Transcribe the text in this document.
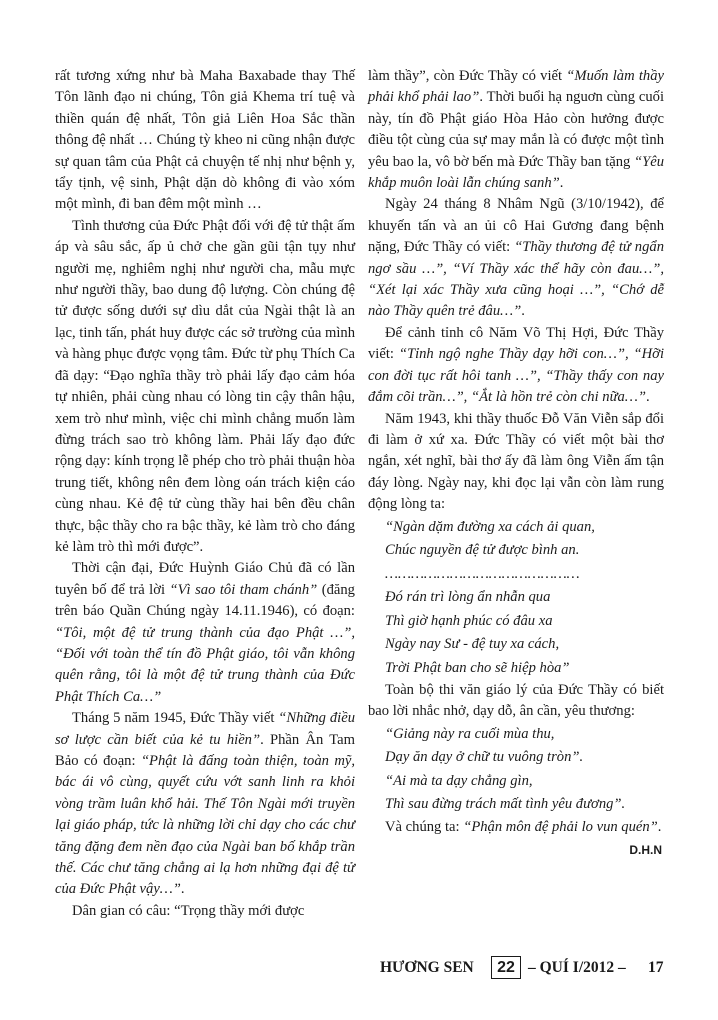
rất tương xứng như bà Maha Baxabade thay Thế Tôn lãnh đạo ni chúng, Tôn giả Khema trí tuệ và thiền quán đệ nhất, Tôn giả Liên Hoa Sắc thần thông đệ nhất … Chúng tỳ kheo ni cũng nhận được sự quan tâm của Phật cả chuyện tế nhị như bệnh y, tẩy tịnh, vệ sinh, Phật dặn dò không đi vào xóm một mình, đi ban đêm một mình …

Tình thương của Đức Phật đối với đệ tử thật ấm áp và sâu sắc, ấp ủ chở che gần gũi tận tụy như người mẹ, nghiêm nghị như người cha, mẫu mực như người thầy, bao dung độ lượng. Còn chúng đệ tử được sống dưới sự dìu dắt của Ngài thật là an lạc, tinh tấn, phát huy được các sở trường của mình và hàng phục được vọng tâm. Đức từ phụ Thích Ca đã dạy: “Đạo nghĩa thầy trò phải lấy đạo cảm hóa tự nhiên, phải cùng nhau có lòng tin cậy thân hậu, xem trò như mình, việc chi mình chẳng muốn làm đừng trách sao trò không làm. Phải lấy đạo đức rộng dạy: kính trọng lễ phép cho trò phải thuận hòa trung tiết, không nên đem lòng oán trách kiện cáo cùng nhau. Kẻ đệ tử cùng thầy hai bên đều chân thực, bậc thầy cho ra bậc thầy, kẻ làm trò cho đáng kẻ làm trò thì mới được”.

Thời cận đại, Đức Huỳnh Giáo Chủ đã có lần tuyên bố để trả lời “Vì sao tôi tham chánh” (đăng trên báo Quần Chúng ngày 14.11.1946), có đoạn: “Tôi, một đệ tử trung thành của đạo Phật …”, “Đối với toàn thể tín đồ Phật giáo, tôi vẫn không quên rằng, tôi là một đệ tử trung thành của Đức Phật Thích Ca…”

Tháng 5 năm 1945, Đức Thầy viết “Những điều sơ lược cần biết của kẻ tu hiền”. Phần Ân Tam Bảo có đoạn: “Phật là đấng toàn thiện, toàn mỹ, bác ái vô cùng, quyết cứu vớt sanh linh ra khỏi vòng trầm luân khổ hải. Thế Tôn Ngài mới truyền lại giáo pháp, tức là những lời chỉ dạy cho các chư tăng đặng đem nền đạo của Ngài ban bố khắp trần thế. Các chư tăng chẳng ai lạ hơn những đại đệ tử của Đức Phật vậy…”.

Dân gian có câu: “Trọng thầy mới được

làm thầy”, còn Đức Thầy có viết “Muốn làm thầy phải khổ phải lao”. Thời buổi hạ nguơn cùng cuối này, tín đồ Phật giáo Hòa Hảo còn hưởng được điều tột cùng của sự may mắn là có được một tình yêu bao la, vô bờ bến mà Đức Thầy ban tặng “Yêu khắp muôn loài lẫn chúng sanh”.

Ngày 24 tháng 8 Nhâm Ngũ (3/10/1942), để khuyến tấn và an ủi cô Hai Gương đang bệnh nặng, Đức Thầy có viết: “Thầy thương đệ tử ngẩn ngơ sầu …”, “Ví Thầy xác thể hãy còn đau…”, “Xét lại xác Thầy xưa cũng hoại …”, “Chớ dễ nào Thầy quên trẻ đâu…”.

Để cảnh tỉnh cô Năm Võ Thị Hợi, Đức Thầy viết: “Tỉnh ngộ nghe Thầy dạy hỡi con…”, “Hỡi con đời tục rất hôi tanh …”, “Thầy thấy con nay đắm cõi trần…”, “Ắt là hồn trẻ còn chi nữa…”.

Năm 1943, khi thầy thuốc Đỗ Văn Viễn sắp đổi đi làm ở xứ xa. Đức Thầy có viết một bài thơ ngắn, xét nghĩ, bài thơ ấy đã làm ông Viễn ấm tận đáy lòng. Ngày nay, khi đọc lại vẫn còn làm rung động lòng ta:

“Ngàn dặm đường xa cách ải quan,

Chúc nguyền đệ tử được bình an.

………………………………………

Đó rán trì lòng ẩn nhẫn qua

Thì giờ hạnh phúc có đâu xa

Ngày nay Sư - đệ tuy xa cách,

Trời Phật ban cho sẽ hiệp hòa”

Toàn bộ thi văn giáo lý của Đức Thầy có biết bao lời nhắc nhở, dạy dỗ, ân cần, yêu thương:

“Giảng này ra cuối mùa thu,

Dạy ăn dạy ở chữ tu vuông tròn”.

“Ai mà ta dạy chẳng gìn,

Thì sau đừng trách mất tình yêu đương”.

Và chúng ta: “Phận môn đệ phải lo vun quén”.

D.H.N

HƯƠNG SEN	22 – QUÍ I/2012 – 17
